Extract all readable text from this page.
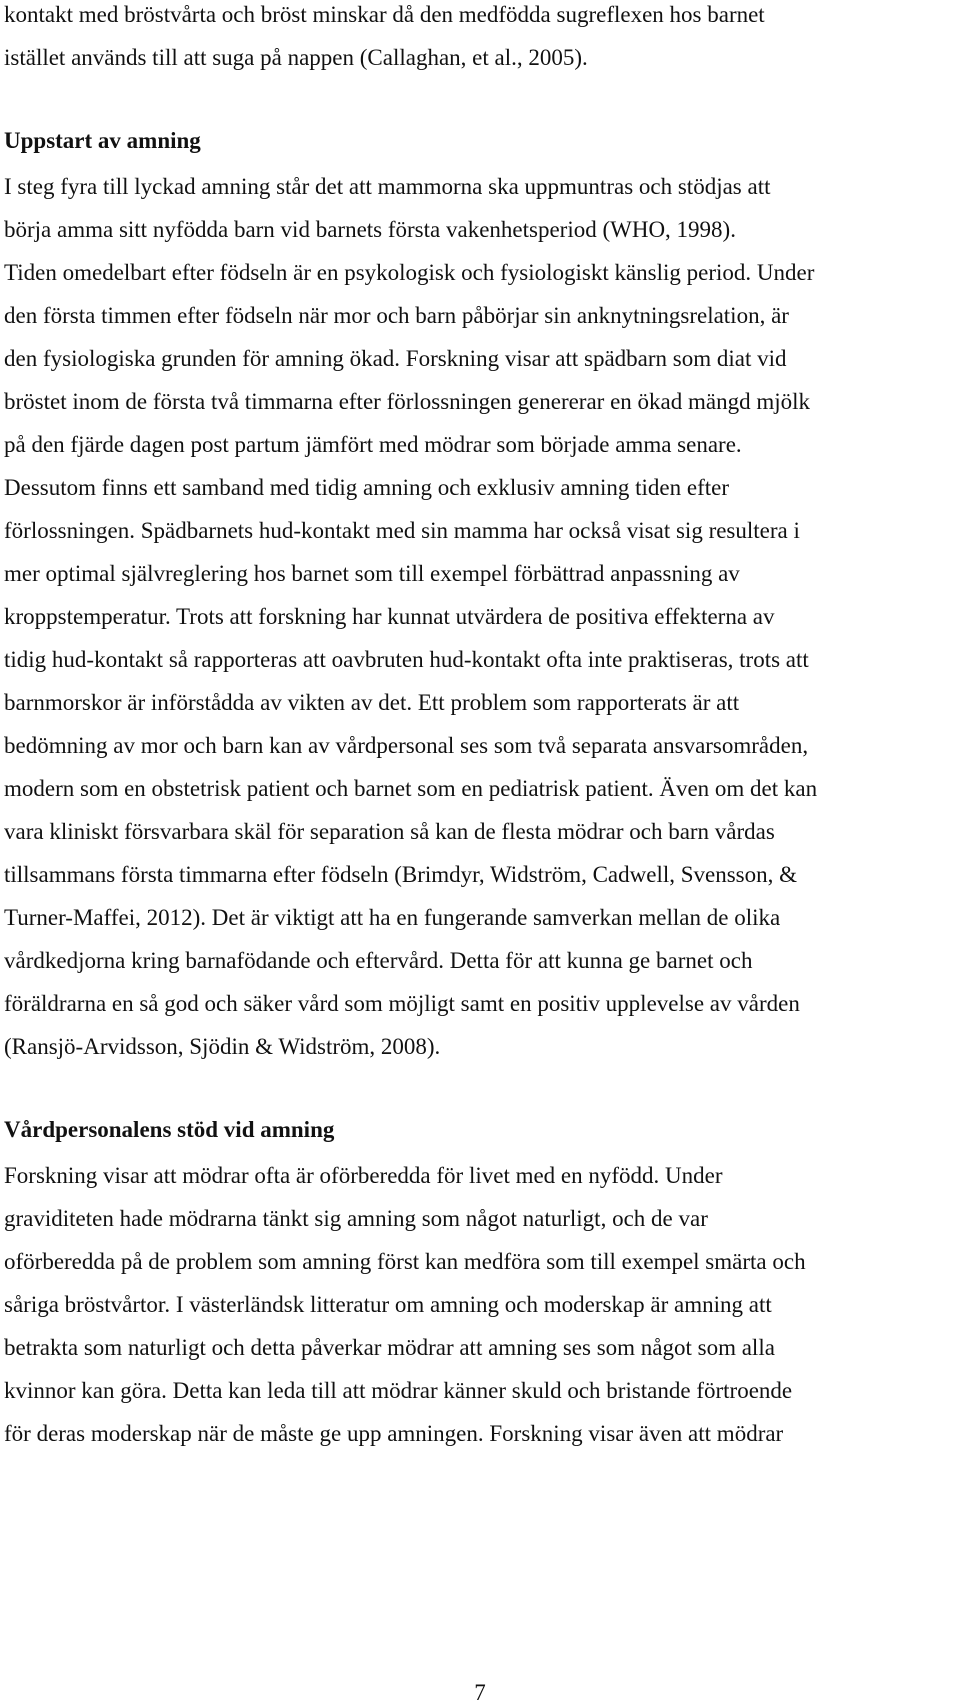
kontakt med bröstvårta och bröst minskar då den medfödda sugreflexen hos barnet
istället används till att suga på nappen (Callaghan, et al., 2005).
Uppstart av amning
I steg fyra till lyckad amning står det att mammorna ska uppmuntras och stödjas att
börja amma sitt nyfödda barn vid barnets första vakenhetsperiod (WHO, 1998).
Tiden omedelbart efter födseln är en psykologisk och fysiologiskt känslig period. Under
den första timmen efter födseln när mor och barn påbörjar sin anknytningsrelation, är
den fysiologiska grunden för amning ökad. Forskning visar att spädbarn som diat vid
bröstet inom de första två timmarna efter förlossningen genererar en ökad mängd mjölk
på den fjärde dagen post partum jämfört med mödrar som började amma senare.
Dessutom finns ett samband med tidig amning och exklusiv amning tiden efter
förlossningen. Spädbarnets hud-kontakt med sin mamma har också visat sig resultera i
mer optimal självreglering hos barnet som till exempel förbättrad anpassning av
kroppstemperatur. Trots att forskning har kunnat utvärdera de positiva effekterna av
tidig hud-kontakt så rapporteras att oavbruten hud-kontakt ofta inte praktiseras, trots att
barnmorskor är införstådda av vikten av det. Ett problem som rapporterats är att
bedömning av mor och barn kan av vårdpersonal ses som två separata ansvarsområden,
modern som en obstetrisk patient och barnet som en pediatrisk patient. Även om det kan
vara kliniskt försvarbara skäl för separation så kan de flesta mödrar och barn vårdas
tillsammans första timmarna efter födseln (Brimdyr, Widström, Cadwell, Svensson, &
Turner-Maffei, 2012). Det är viktigt att ha en fungerande samverkan mellan de olika
vårdkedjorna kring barnafödande och eftervård. Detta för att kunna ge barnet och
föräldrarna en så god och säker vård som möjligt samt en positiv upplevelse av vården
(Ransjö-Arvidsson, Sjödin & Widström, 2008).
Vårdpersonalens stöd vid amning
Forskning visar att mödrar ofta är oförberedda för livet med en nyfödd. Under
graviditeten hade mödrarna tänkt sig amning som något naturligt, och de var
oförberedda på de problem som amning först kan medföra som till exempel smärta och
såriga bröstvårtor. I västerländsk litteratur om amning och moderskap är amning att
betrakta som naturligt och detta påverkar mödrar att amning ses som något som alla
kvinnor kan göra. Detta kan leda till att mödrar känner skuld och bristande förtroende
för deras moderskap när de måste ge upp amningen. Forskning visar även att mödrar
7
